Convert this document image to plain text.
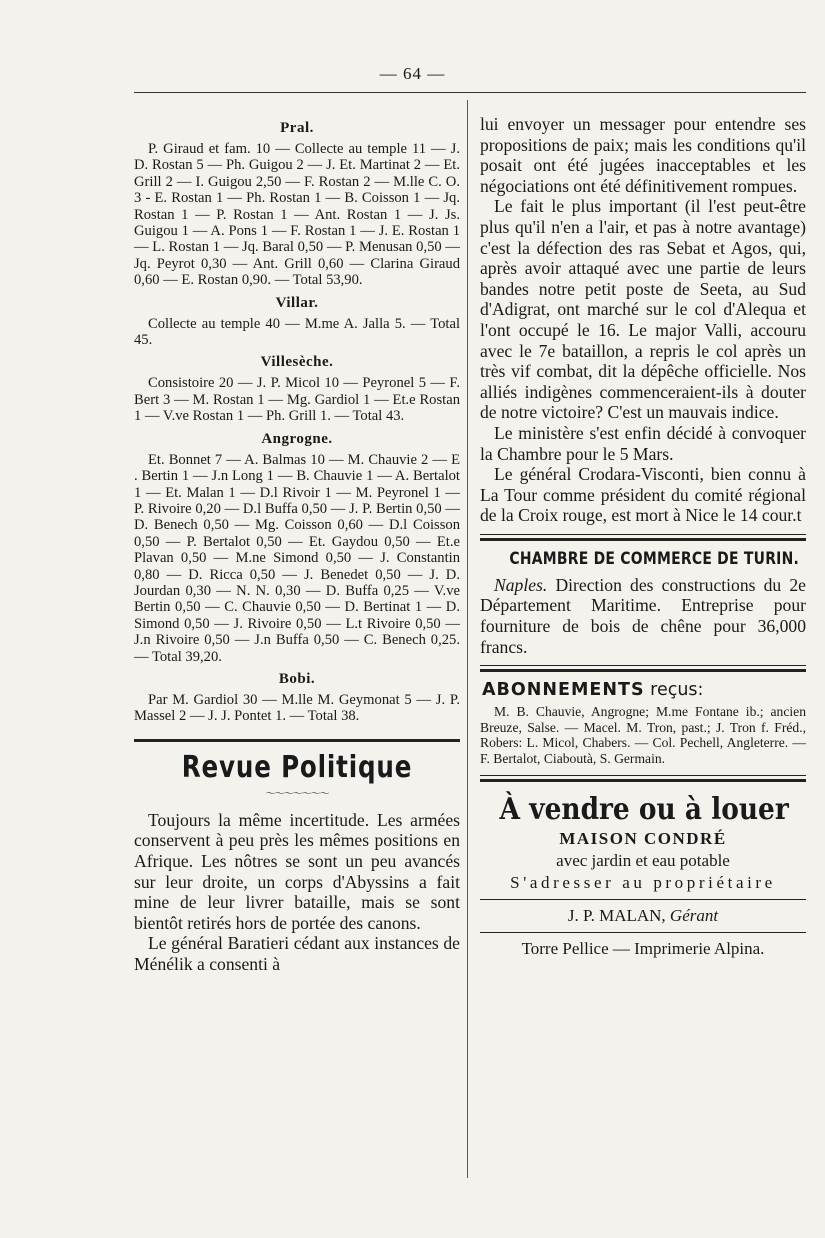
— 64 —
Pral.

P. Giraud et fam. 10 — Collecte au temple 11 — J. D. Rostan 5 — Ph. Guigou 2 — J. Et. Martinat 2 — Et. Grill 2 — I. Guigou 2,50 — F. Rostan 2 — M.lle C. O. 3 - E. Rostan 1 — Ph. Rostan 1 — B. Coisson 1 — Jq. Rostan 1 — P. Rostan 1 — Ant. Rostan 1 — J. Js. Guigou 1 — A. Pons 1 — F. Rostan 1 — J. E. Rostan 1 — L. Rostan 1 — Jq. Baral 0,50 — P. Menusan 0,50 — Jq. Peyrot 0,30 — Ant. Grill 0,60 — Clarina Giraud 0,60 — E. Rostan 0,90. — Total 53,90.

Villar.

Collecte au temple 40 — M.me A. Jalla 5. — Total 45.

Villesèche.

Consistoire 20 — J. P. Micol 10 — Peyronel 5 — F. Bert 3 — M. Rostan 1 — Mg. Gardiol 1 — Et.e Rostan 1 — V.ve Rostan 1 — Ph. Grill 1. — Total 43.

Angrogne.

Et. Bonnet 7 — A. Balmas 10 — M. Chauvie 2 — E . Bertin 1 — J.n Long 1 — B. Chauvie 1 — A. Bertalot 1 — Et. Malan 1 — D.l Rivoir 1 — M. Peyronel 1 — P. Rivoire 0,20 — D.l Buffa 0,50 — J. P. Bertin 0,50 — D. Benech 0,50 — Mg. Coisson 0,60 — D.l Coisson 0,50 — P. Bertalot 0,50 — Et. Gaydou 0,50 — Et.e Plavan 0,50 — M.ne Simond 0,50 — J. Constantin 0,80 — D. Ricca 0,50 — J. Benedet 0,50 — J. D. Jourdan 0,30 — N. N. 0,30 — D. Buffa 0,25 — V.ve Bertin 0,50 — C. Chauvie 0,50 — D. Bertinat 1 — D. Simond 0,50 — J. Rivoire 0,50 — L.t Rivoire 0,50 — J.n Rivoire 0,50 — J.n Buffa 0,50 — C. Benech 0,25. — Total 39,20.

Bobi.

Par M. Gardiol 30 — M.lle M. Geymonat 5 — J. P. Massel 2 — J. J. Pontet 1. — Total 38.

Revue Politique
～～～～～～～

Toujours la même incertitude. Les armées conservent à peu près les mêmes positions en Afrique. Les nôtres se sont un peu avancés sur leur droite, un corps d'Abyssins a fait mine de leur livrer bataille, mais se sont bientôt retirés hors de portée des canons.

Le général Baratieri cédant aux instances de Ménélik a consenti à

lui envoyer un messager pour entendre ses propositions de paix; mais les conditions qu'il posait ont été jugées inacceptables et les négociations ont été définitivement rompues.

Le fait le plus important (il l'est peut-être plus qu'il n'en a l'air, et pas à notre avantage) c'est la défection des ras Sebat et Agos, qui, après avoir attaqué avec une partie de leurs bandes notre petit poste de Seeta, au Sud d'Adigrat, ont marché sur le col d'Alequa et l'ont occupé le 16. Le major Valli, accouru avec le 7e bataillon, a repris le col après un très vif combat, dit la dépêche officielle. Nos alliés indigènes commenceraient-ils à douter de notre victoire? C'est un mauvais indice.

Le ministère s'est enfin décidé à convoquer la Chambre pour le 5 Mars.

Le général Crodara-Visconti, bien connu à La Tour comme président du comité régional de la Croix rouge, est mort à Nice le 14 cour.t

CHAMBRE DE COMMERCE DE TURIN.

Naples. Direction des constructions du 2e Département Maritime. Entreprise pour fourniture de bois de chêne pour 36,000 francs.

ABONNEMENTS reçus:

M. B. Chauvie, Angrogne; M.me Fontane ib.; ancien Breuze, Salse. — Macel. M. Tron, past.; J. Tron f. Fréd., Robers: L. Micol, Chabers. — Col. Pechell, Angleterre. — F. Bertalot, Ciaboutà, S. Germain.

À vendre ou à louer
MAISON CONDRÉ
avec jardin et eau potable
S'adresser au propriétaire
J. P. MALAN, Gérant
Torre Pellice — Imprimerie Alpina.
